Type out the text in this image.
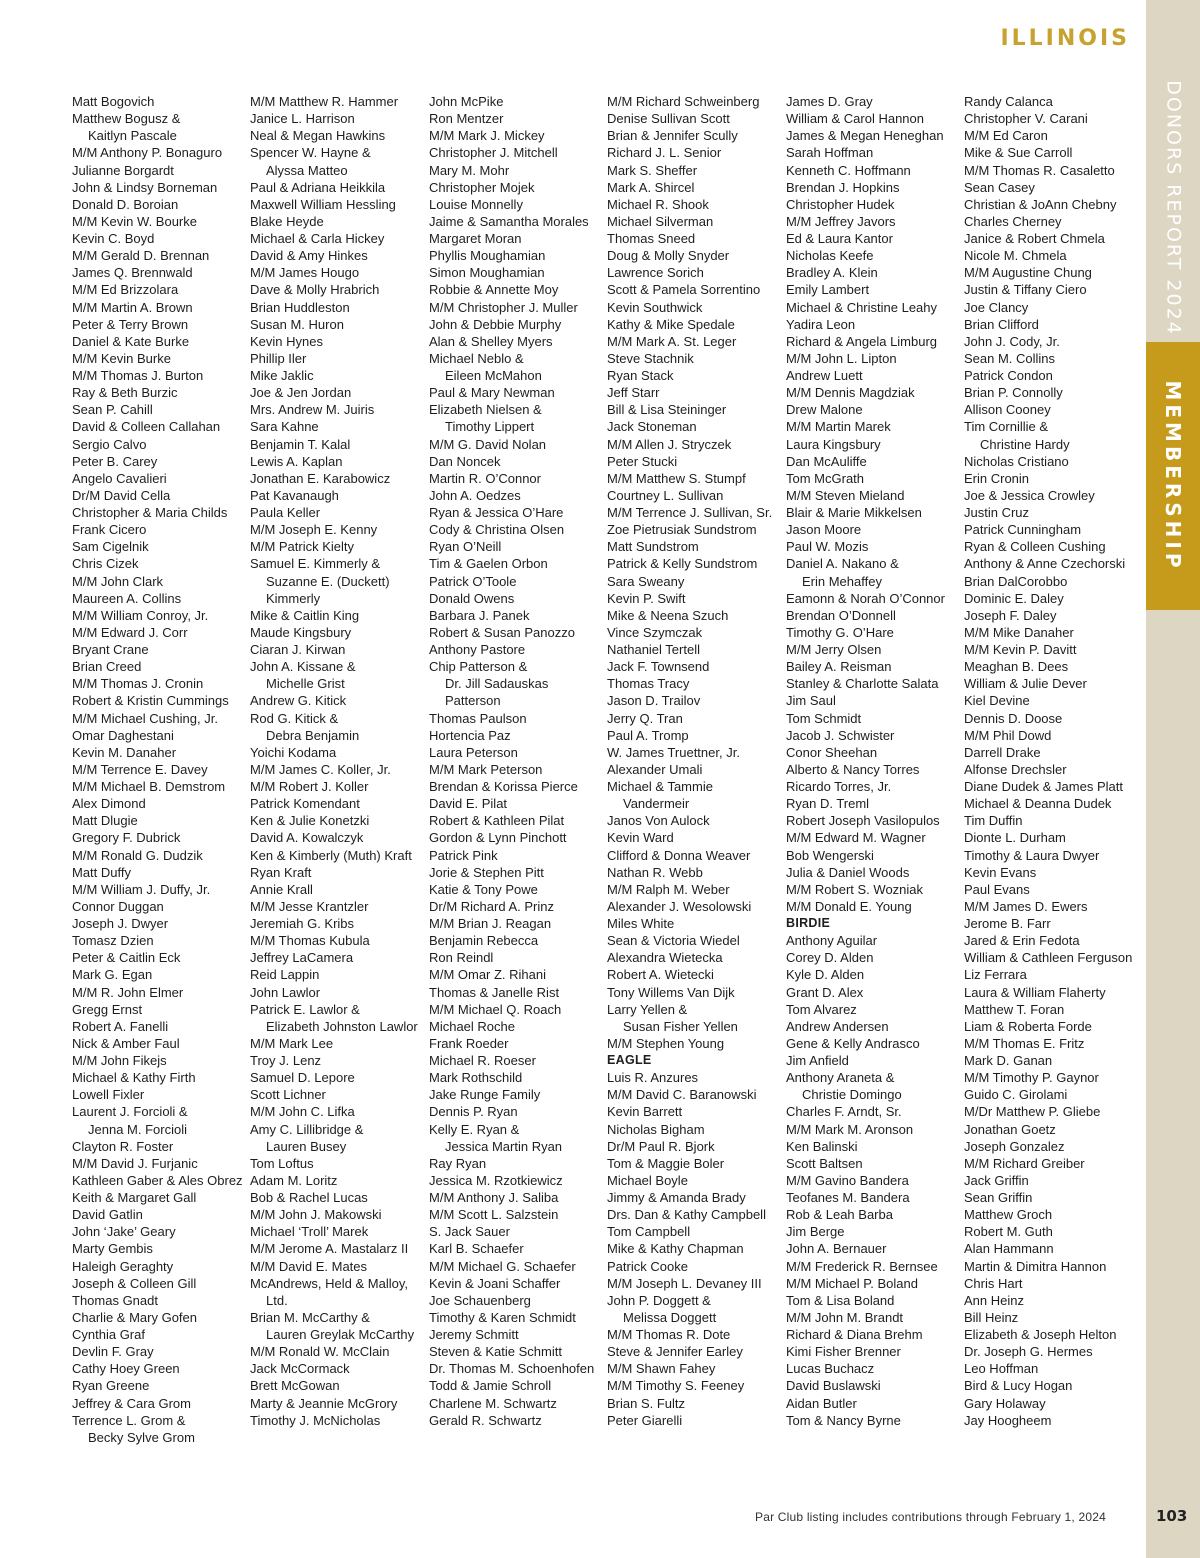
DONORS REPORT 2024
MEMBERSHIP
ILLINOIS
Matt Bogovich
Matthew Bogusz &
Kaitlyn Pascale
M/M Anthony P. Bonaguro
Julianne Borgardt
John & Lindsy Borneman
Donald D. Boroian
M/M Kevin W. Bourke
Kevin C. Boyd
M/M Gerald D. Brennan
James Q. Brennwald
M/M Ed Brizzolara
M/M Martin A. Brown
Peter & Terry Brown
Daniel & Kate Burke
M/M Kevin Burke
M/M Thomas J. Burton
Ray & Beth Burzic
Sean P. Cahill
David & Colleen Callahan
Sergio Calvo
Peter B. Carey
Angelo Cavalieri
Dr/M David Cella
Christopher & Maria Childs
Frank Cicero
Sam Cigelnik
Chris Cizek
M/M John Clark
Maureen A. Collins
M/M William Conroy, Jr.
M/M Edward J. Corr
Bryant Crane
Brian Creed
M/M Thomas J. Cronin
Robert & Kristin Cummings
M/M Michael Cushing, Jr.
Omar Daghestani
Kevin M. Danaher
M/M Terrence E. Davey
M/M Michael B. Demstrom
Alex Dimond
Matt Dlugie
Gregory F. Dubrick
M/M Ronald G. Dudzik
Matt Duffy
M/M William J. Duffy, Jr.
Connor Duggan
Joseph J. Dwyer
Tomasz Dzien
Peter & Caitlin Eck
Mark G. Egan
M/M R. John Elmer
Gregg Ernst
Robert A. Fanelli
Nick & Amber Faul
M/M John Fikejs
Michael & Kathy Firth
Lowell Fixler
Laurent J. Forcioli &
Jenna M. Forcioli
Clayton R. Foster
M/M David J. Furjanic
Kathleen Gaber & Ales Obrez
Keith & Margaret Gall
David Gatlin
John ‘Jake’ Geary
Marty Gembis
Haleigh Geraghty
Joseph & Colleen Gill
Thomas Gnadt
Charlie & Mary Gofen
Cynthia Graf
Devlin F. Gray
Cathy Hoey Green
Ryan Greene
Jeffrey & Cara Grom
Terrence L. Grom &
Becky Sylve Grom
M/M Matthew R. Hammer
Janice L. Harrison
Neal & Megan Hawkins
Spencer W. Hayne &
Alyssa Matteo
Paul & Adriana Heikkila
Maxwell William Hessling
Blake Heyde
Michael & Carla Hickey
David & Amy Hinkes
M/M James Hougo
Dave & Molly Hrabrich
Brian Huddleston
Susan M. Huron
Kevin Hynes
Phillip Iler
Mike Jaklic
Joe & Jen Jordan
Mrs. Andrew M. Juiris
Sara Kahne
Benjamin T. Kalal
Lewis A. Kaplan
Jonathan E. Karabowicz
Pat Kavanaugh
Paula Keller
M/M Joseph E. Kenny
M/M Patrick Kielty
Samuel E. Kimmerly &
Suzanne E. (Duckett)
Kimmerly
Mike & Caitlin King
Maude Kingsbury
Ciaran J. Kirwan
John A. Kissane &
Michelle Grist
Andrew G. Kitick
Rod G. Kitick &
Debra Benjamin
Yoichi Kodama
M/M James C. Koller, Jr.
M/M Robert J. Koller
Patrick Komendant
Ken & Julie Konetzki
David A. Kowalczyk
Ken & Kimberly (Muth) Kraft
Ryan Kraft
Annie Krall
M/M Jesse Krantzler
Jeremiah G. Kribs
M/M Thomas Kubula
Jeffrey LaCamera
Reid Lappin
John Lawlor
Patrick E. Lawlor &
Elizabeth Johnston Lawlor
M/M Mark Lee
Troy J. Lenz
Samuel D. Lepore
Scott Lichner
M/M John C. Lifka
Amy C. Lillibridge &
Lauren Busey
Tom Loftus
Adam M. Loritz
Bob & Rachel Lucas
M/M John J. Makowski
Michael ‘Troll’ Marek
M/M Jerome A. Mastalarz II
M/M David E. Mates
McAndrews, Held & Malloy,
Ltd.
Brian M. McCarthy &
Lauren Greylak McCarthy
M/M Ronald W. McClain
Jack McCormack
Brett McGowan
Marty & Jeannie McGrory
Timothy J. McNicholas
John McPike
Ron Mentzer
M/M Mark J. Mickey
Christopher J. Mitchell
Mary M. Mohr
Christopher Mojek
Louise Monnelly
Jaime & Samantha Morales
Margaret Moran
Phyllis Moughamian
Simon Moughamian
Robbie & Annette Moy
M/M Christopher J. Muller
John & Debbie Murphy
Alan & Shelley Myers
Michael Neblo &
Eileen McMahon
Paul & Mary Newman
Elizabeth Nielsen &
Timothy Lippert
M/M G. David Nolan
Dan Noncek
Martin R. O’Connor
John A. Oedzes
Ryan & Jessica O’Hare
Cody & Christina Olsen
Ryan O’Neill
Tim & Gaelen Orbon
Patrick O’Toole
Donald Owens
Barbara J. Panek
Robert & Susan Panozzo
Anthony Pastore
Chip Patterson &
Dr. Jill Sadauskas
Patterson
Thomas Paulson
Hortencia Paz
Laura Peterson
M/M Mark Peterson
Brendan & Korissa Pierce
David E. Pilat
Robert & Kathleen Pilat
Gordon & Lynn Pinchott
Patrick Pink
Jorie & Stephen Pitt
Katie & Tony Powe
Dr/M Richard A. Prinz
M/M Brian J. Reagan
Benjamin Rebecca
Ron Reindl
M/M Omar Z. Rihani
Thomas & Janelle Rist
M/M Michael Q. Roach
Michael Roche
Frank Roeder
Michael R. Roeser
Mark Rothschild
Jake Runge Family
Dennis P. Ryan
Kelly E. Ryan &
Jessica Martin Ryan
Ray Ryan
Jessica M. Rzotkiewicz
M/M Anthony J. Saliba
M/M Scott L. Salzstein
S. Jack Sauer
Karl B. Schaefer
M/M Michael G. Schaefer
Kevin & Joani Schaffer
Joe Schauenberg
Timothy & Karen Schmidt
Jeremy Schmitt
Steven & Katie Schmitt
Dr. Thomas M. Schoenhofen
Todd & Jamie Schroll
Charlene M. Schwartz
Gerald R. Schwartz
M/M Richard Schweinberg
Denise Sullivan Scott
Brian & Jennifer Scully
Richard J. L. Senior
Mark S. Sheffer
Mark A. Shircel
Michael R. Shook
Michael Silverman
Thomas Sneed
Doug & Molly Snyder
Lawrence Sorich
Scott & Pamela Sorrentino
Kevin Southwick
Kathy & Mike Spedale
M/M Mark A. St. Leger
Steve Stachnik
Ryan Stack
Jeff Starr
Bill & Lisa Steininger
Jack Stoneman
M/M Allen J. Stryczek
Peter Stucki
M/M Matthew S. Stumpf
Courtney L. Sullivan
M/M Terrence J. Sullivan, Sr.
Zoe Pietrusiak Sundstrom
Matt Sundstrom
Patrick & Kelly Sundstrom
Sara Sweany
Kevin P. Swift
Mike & Neena Szuch
Vince Szymczak
Nathaniel Tertell
Jack F. Townsend
Thomas Tracy
Jason D. Trailov
Jerry Q. Tran
Paul A. Tromp
W. James Truettner, Jr.
Alexander Umali
Michael & Tammie
Vandermeir
Janos Von Aulock
Kevin Ward
Clifford & Donna Weaver
Nathan R. Webb
M/M Ralph M. Weber
Alexander J. Wesolowski
Miles White
Sean & Victoria Wiedel
Alexandra Wietecka
Robert A. Wietecki
Tony Willems Van Dijk
Larry Yellen &
Susan Fisher Yellen
M/M Stephen Young
EAGLE
Luis R. Anzures
M/M David C. Baranowski
Kevin Barrett
Nicholas Bigham
Dr/M Paul R. Bjork
Tom & Maggie Boler
Michael Boyle
Jimmy & Amanda Brady
Drs. Dan & Kathy Campbell
Tom Campbell
Mike & Kathy Chapman
Patrick Cooke
M/M Joseph L. Devaney III
John P. Doggett &
Melissa Doggett
M/M Thomas R. Dote
Steve & Jennifer Earley
M/M Shawn Fahey
M/M Timothy S. Feeney
Brian S. Fultz
Peter Giarelli
James D. Gray
William & Carol Hannon
James & Megan Heneghan
Sarah Hoffman
Kenneth C. Hoffmann
Brendan J. Hopkins
Christopher Hudek
M/M Jeffrey Javors
Ed & Laura Kantor
Nicholas Keefe
Bradley A. Klein
Emily Lambert
Michael & Christine Leahy
Yadira Leon
Richard & Angela Limburg
M/M John L. Lipton
Andrew Luett
M/M Dennis Magdziak
Drew Malone
M/M Martin Marek
Laura Kingsbury
Dan McAuliffe
Tom McGrath
M/M Steven Mieland
Blair & Marie Mikkelsen
Jason Moore
Paul W. Mozis
Daniel A. Nakano &
Erin Mehaffey
Eamonn & Norah O’Connor
Brendan O’Donnell
Timothy G. O’Hare
M/M Jerry Olsen
Bailey A. Reisman
Stanley & Charlotte Salata
Jim Saul
Tom Schmidt
Jacob J. Schwister
Conor Sheehan
Alberto & Nancy Torres
Ricardo Torres, Jr.
Ryan D. Treml
Robert Joseph Vasilopulos
M/M Edward M. Wagner
Bob Wengerski
Julia & Daniel Woods
M/M Robert S. Wozniak
M/M Donald E. Young
BIRDIE
Anthony Aguilar
Corey D. Alden
Kyle D. Alden
Grant D. Alex
Tom Alvarez
Andrew Andersen
Gene & Kelly Andrasco
Jim Anfield
Anthony Araneta &
Christie Domingo
Charles F. Arndt, Sr.
M/M Mark M. Aronson
Ken Balinski
Scott Baltsen
M/M Gavino Bandera
Teofanes M. Bandera
Rob & Leah Barba
Jim Berge
John A. Bernauer
M/M Frederick R. Bernsee
M/M Michael P. Boland
Tom & Lisa Boland
M/M John M. Brandt
Richard & Diana Brehm
Kimi Fisher Brenner
Lucas Buchacz
David Buslawski
Aidan Butler
Tom & Nancy Byrne
Randy Calanca
Christopher V. Carani
M/M Ed Caron
Mike & Sue Carroll
M/M Thomas R. Casaletto
Sean Casey
Christian & JoAnn Chebny
Charles Cherney
Janice & Robert Chmela
Nicole M. Chmela
M/M Augustine Chung
Justin & Tiffany Ciero
Joe Clancy
Brian Clifford
John J. Cody, Jr.
Sean M. Collins
Patrick Condon
Brian P. Connolly
Allison Cooney
Tim Cornillie &
Christine Hardy
Nicholas Cristiano
Erin Cronin
Joe & Jessica Crowley
Justin Cruz
Patrick Cunningham
Ryan & Colleen Cushing
Anthony & Anne Czechorski
Brian DalCorobbo
Dominic E. Daley
Joseph F. Daley
M/M Mike Danaher
M/M Kevin P. Davitt
Meaghan B. Dees
William & Julie Dever
Kiel Devine
Dennis D. Doose
M/M Phil Dowd
Darrell Drake
Alfonse Drechsler
Diane Dudek & James Platt
Michael & Deanna Dudek
Tim Duffin
Dionte L. Durham
Timothy & Laura Dwyer
Kevin Evans
Paul Evans
M/M James D. Ewers
Jerome B. Farr
Jared & Erin Fedota
William & Cathleen Ferguson
Liz Ferrara
Laura & William Flaherty
Matthew T. Foran
Liam & Roberta Forde
M/M Thomas E. Fritz
Mark D. Ganan
M/M Timothy P. Gaynor
Guido C. Girolami
M/Dr Matthew P. Gliebe
Jonathan Goetz
Joseph Gonzalez
M/M Richard Greiber
Jack Griffin
Sean Griffin
Matthew Groch
Robert M. Guth
Alan Hammann
Martin & Dimitra Hannon
Chris Hart
Ann Heinz
Bill Heinz
Elizabeth & Joseph Helton
Dr. Joseph G. Hermes
Leo Hoffman
Bird & Lucy Hogan
Gary Holaway
Jay Hoogheem
Par Club listing includes contributions through February 1, 2024	103
